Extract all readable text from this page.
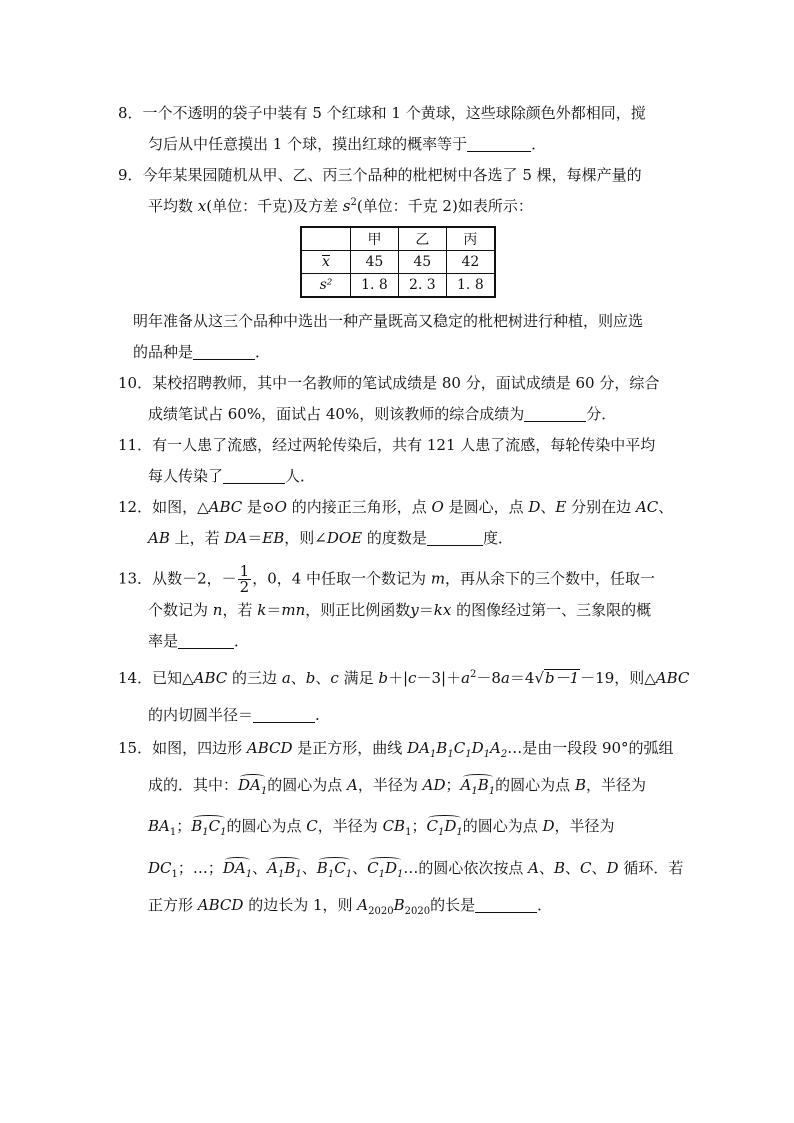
8．一个不透明的袋子中装有 5 个红球和 1 个黄球，这些球除颜色外都相同，搅
匀后从中任意摸出 1 个球，摸出红球的概率等于	．
9．今年某果园随机从甲、乙、丙三个品种的枇杷树中各选了 5 棵，每棵产量的
平均数 x(单位：千克)及方差 $s^2$(单位：千克 2)如表所示：
	甲	乙	丙
x	45	45	42
s²	1. 8	2. 3	1. 8
明年准备从这三个品种中选出一种产量既高又稳定的枇杷树进行种植，则应选
的品种是	．
10．某校招聘教师，其中一名教师的笔试成绩是 80 分，面试成绩是 60 分，综合
成绩笔试占 60%，面试占 40%，则该教师的综合成绩为	分．
11．有一人患了流感，经过两轮传染后，共有 121 人患了流感，每轮传染中平均
每人传染了	人．
12．如图，△ABC 是⊙O 的内接正三角形，点 O 是圆心，点 D、E 分别在边 AC、
AB 上，若 DA＝EB，则∠DOE 的度数是	度．
13．从数－2，－ $\frac{1}{2}$ ，0，4 中任取一个数记为 m，再从余下的三个数中，任取一
个数记为 n，若 k＝mn，则正比例函数y＝kx 的图像经过第一、三象限的概
率是	．
14．已知△ABC 的三边 a、b、c 满足 $b+|c-3|+a^2-8a=4√b-1-19$，则△ABC
的内切圆半径＝	.
15．如图，四边形 ABCD 是正方形，曲线 $DA_1B_1C_1D_1A_2\dots$是由一段段 90°的弧组
成的．其中：$DA_1$的圆心为点 A，半径为 AD；$A_1B_1$的圆心为点 B，半径为
$BA_1$；$B_1C_1$的圆心为点 C，半径为 $CB_1$；$C_1D_1$的圆心为点 D，半径为
$DC_1$；…；$DA_1$、$A_1B_1$、$B_1C_1$、$C_1D_1\dots$的圆心依次按点 A、B、C、D 循环．若
正方形 ABCD 的边长为 1，则 $A_{2020}B_{2020}$的长是	．
